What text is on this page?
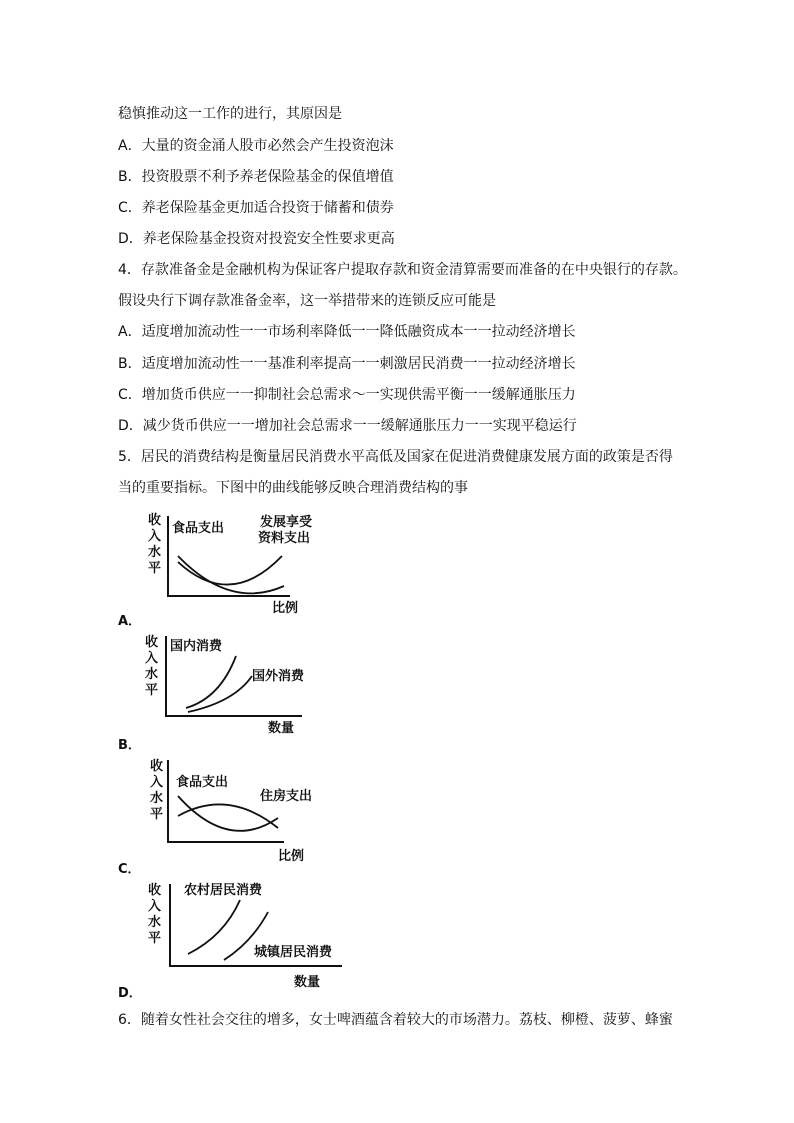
稳慎推动这一工作的进行，其原因是
A．大量的资金涌人股市必然会产生投资泡沫
B．投资股票不利予养老保险基金的保值增值
C．养老保险基金更加适合投资于储蓄和债券
D．养老保险基金投资对投瓷安全性要求更高
4．存款准备金是金融机构为保证客户提取存款和资金清算需要而准备的在中央银行的存款。
假设央行下调存款准备金率，这一举措带来的连锁反应可能是
A．适度增加流动性一一市场利率降低一一降低融资成本一一拉动经济增长
B．适度增加流动性一一基准利率提高一一刺激居民消费一一拉动经济增长
C．增加货币供应一一抑制社会总需求～一实现供需平衡一一缓解通胀压力
D．减少货币供应一一增加社会总需求一一缓解通胀压力一一实现平稳运行
5．居民的消费结构是衡量居民消费水平高低及国家在促进消费健康发展方面的政策是否得
当的重要指标。下图中的曲线能够反映合理消费结构的事
收
入
水
平
食品支出	发展享受
资料支出
比例
A．
收
入
水
平
国内消费
国外消费
数量
B．
收
入
水
平
食品支出
住房支出
比例
C．
收
入
水
平
农村居民消费
城镇居民消费
数量
D．
6．随着女性社会交往的增多，女士啤酒蕴含着较大的市场潜力。荔枝、柳橙、菠萝、蜂蜜
